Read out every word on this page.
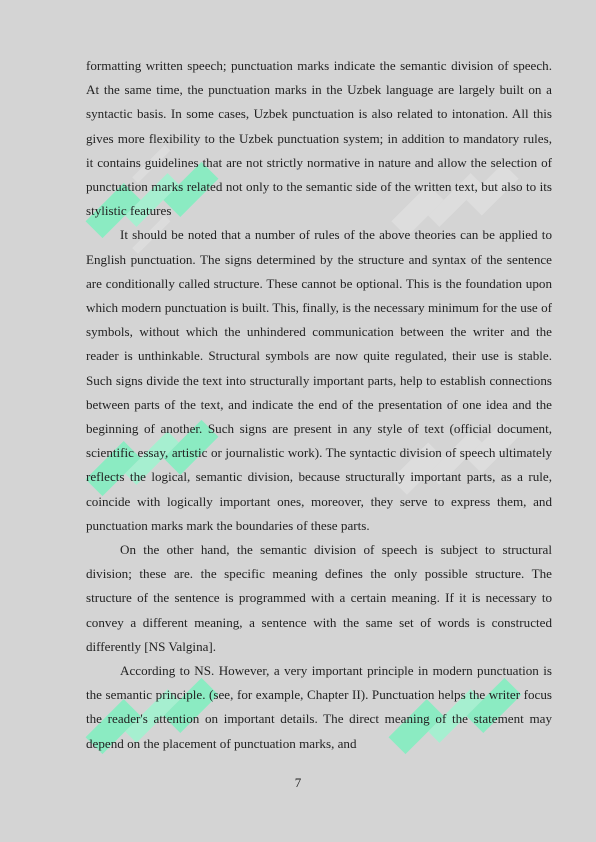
formatting written speech; punctuation marks indicate the semantic division of speech. At the same time, the punctuation marks in the Uzbek language are largely built on a syntactic basis. In some cases, Uzbek punctuation is also related to intonation. All this gives more flexibility to the Uzbek punctuation system; in addition to mandatory rules, it contains guidelines that are not strictly normative in nature and allow the selection of punctuation marks related not only to the semantic side of the written text, but also to its stylistic features

It should be noted that a number of rules of the above theories can be applied to English punctuation. The signs determined by the structure and syntax of the sentence are conditionally called structure. These cannot be optional. This is the foundation upon which modern punctuation is built. This, finally, is the necessary minimum for the use of symbols, without which the unhindered communication between the writer and the reader is unthinkable. Structural symbols are now quite regulated, their use is stable. Such signs divide the text into structurally important parts, help to establish connections between parts of the text, and indicate the end of the presentation of one idea and the beginning of another. Such signs are present in any style of text (official document, scientific essay, artistic or journalistic work). The syntactic division of speech ultimately reflects the logical, semantic division, because structurally important parts, as a rule, coincide with logically important ones, moreover, they serve to express them, and punctuation marks mark the boundaries of these parts.

On the other hand, the semantic division of speech is subject to structural division; these are. the specific meaning defines the only possible structure. The structure of the sentence is programmed with a certain meaning. If it is necessary to convey a different meaning, a sentence with the same set of words is constructed differently [NS Valgina].

According to NS. However, a very important principle in modern punctuation is the semantic principle. (see, for example, Chapter II). Punctuation helps the writer focus the reader's attention on important details. The direct meaning of the statement may depend on the placement of punctuation marks, and

7
